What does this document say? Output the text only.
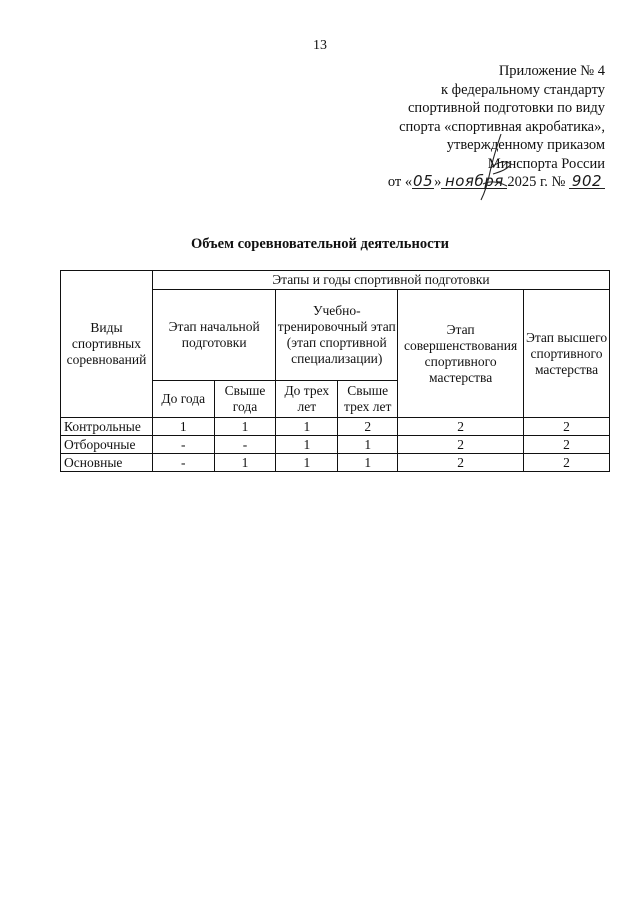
13
Приложение № 4
к федеральному стандарту
спортивной подготовки по виду
спорта «спортивная акробатика»,
утвержденному приказом
Минспорта России
от «05» ноября 2025 г. № 902
Объем соревновательной деятельности
Виды спортивных соревнований	Этапы и годы спортивной подготовки					
	Этап начальной подготовки		Учебно-тренировочный этап (этап спортивной специализации)		Этап совершенствования спортивного мастерства	Этап высшего спортивного мастерства
	До года	Свыше года	До трех лет	Свыше трех лет		
Контрольные	1	1	1	2	2	2
Отборочные	-	-	1	1	2	2
Основные	-	1	1	1	2	2
